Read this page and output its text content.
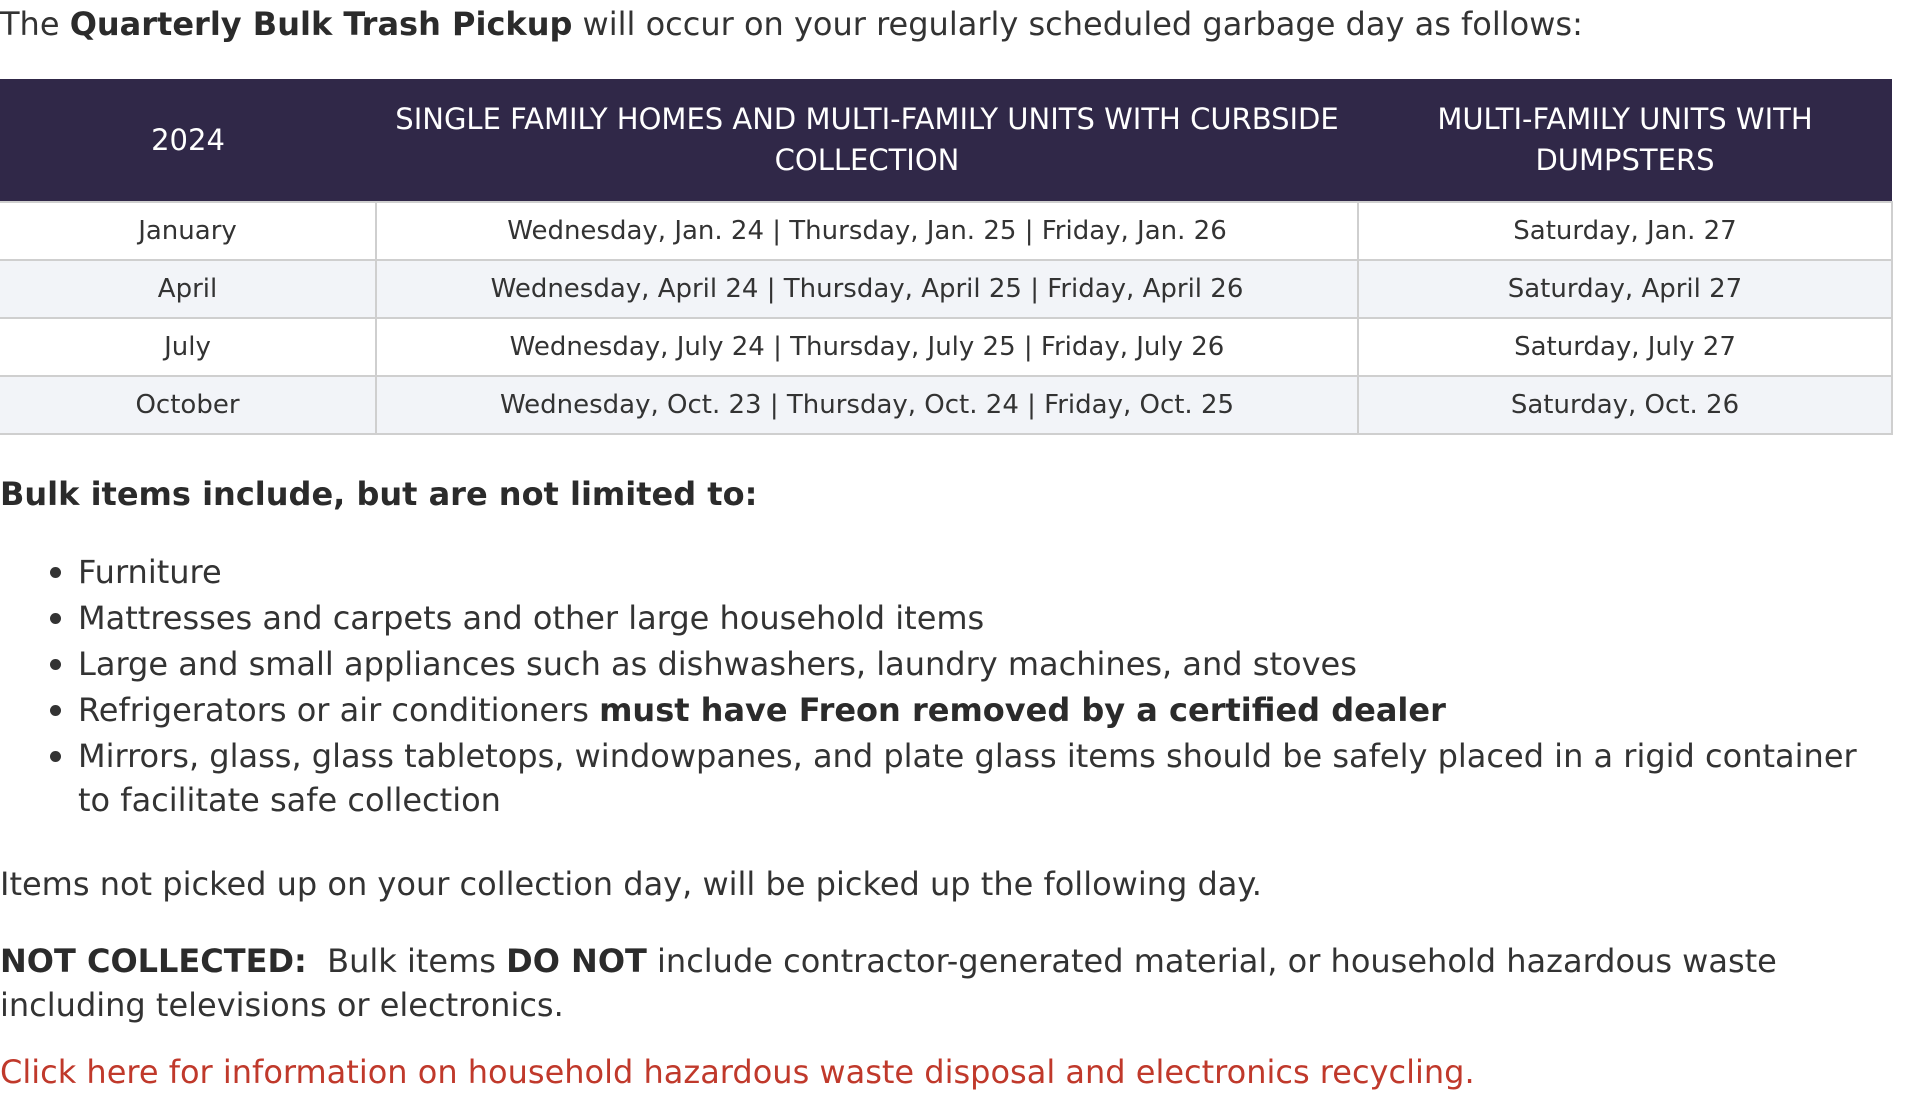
The Quarterly Bulk Trash Pickup will occur on your regularly scheduled garbage day as follows:

2024	SINGLE FAMILY HOMES AND MULTI-FAMILY UNITS WITH CURBSIDE COLLECTION	MULTI-FAMILY UNITS WITH DUMPSTERS
January	Wednesday, Jan. 24 | Thursday, Jan. 25 | Friday, Jan. 26	Saturday, Jan. 27
April	Wednesday, April 24 | Thursday, April 25 | Friday, April 26	Saturday, April 27
July	Wednesday, July 24 | Thursday, July 25 | Friday, July 26	Saturday, July 27
October	Wednesday, Oct. 23 | Thursday, Oct. 24 | Friday, Oct. 25	Saturday, Oct. 26

Bulk items include, but are not limited to:

Furniture
Mattresses and carpets and other large household items
Large and small appliances such as dishwashers, laundry machines, and stoves
Refrigerators or air conditioners must have Freon removed by a certified dealer
Mirrors, glass, glass tabletops, windowpanes, and plate glass items should be safely placed in a rigid container to facilitate safe collection

Items not picked up on your collection day, will be picked up the following day.

NOT COLLECTED:  Bulk items DO NOT include contractor-generated material, or household hazardous waste including televisions or electronics.

Click here for information on household hazardous waste disposal and electronics recycling.
